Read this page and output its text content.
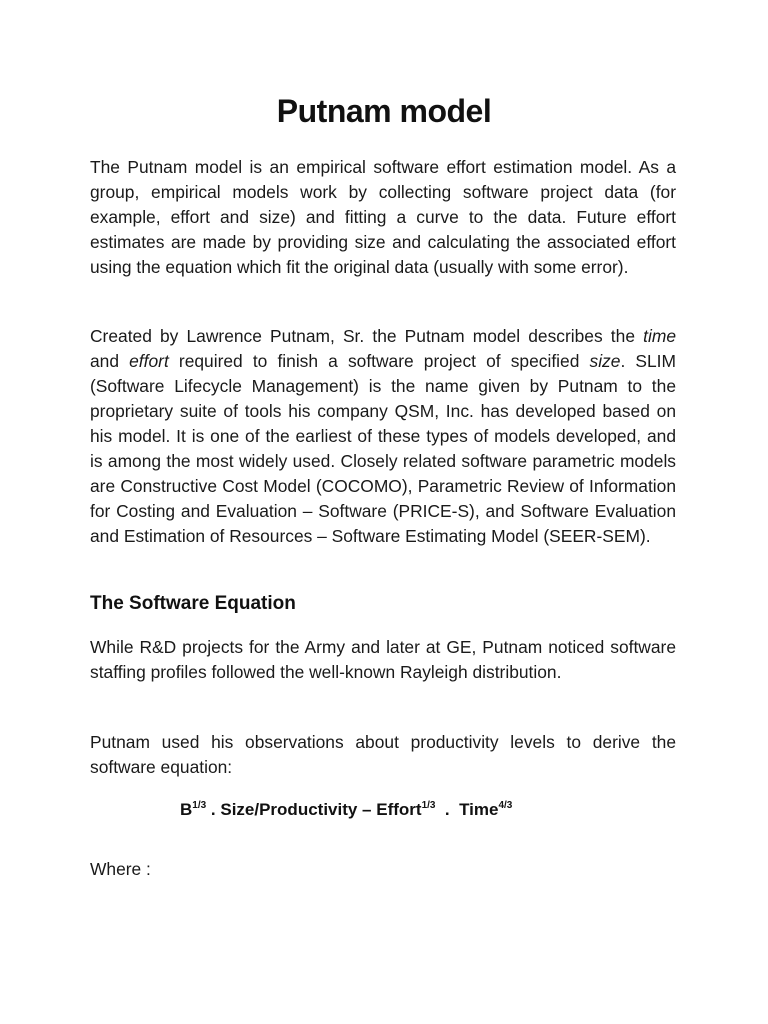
Putnam model
The Putnam model is an empirical software effort estimation model. As a group, empirical models work by collecting software project data (for example, effort and size) and fitting a curve to the data. Future effort estimates are made by providing size and calculating the associated effort using the equation which fit the original data (usually with some error).
Created by Lawrence Putnam, Sr. the Putnam model describes the time and effort required to finish a software project of specified size. SLIM (Software Lifecycle Management) is the name given by Putnam to the proprietary suite of tools his company QSM, Inc. has developed based on his model. It is one of the earliest of these types of models developed, and is among the most widely used. Closely related software parametric models are Constructive Cost Model (COCOMO), Parametric Review of Information for Costing and Evaluation – Software (PRICE-S), and Software Evaluation and Estimation of Resources – Software Estimating Model (SEER-SEM).
The Software Equation
While R&D projects for the Army and later at GE, Putnam noticed software staffing profiles followed the well-known Rayleigh distribution.
Putnam used his observations about productivity levels to derive the software equation:
$B^{1/3}$ . Size/Productivity – Effort$^{1/3}$  .  Time$^{4/3}$
Where :
